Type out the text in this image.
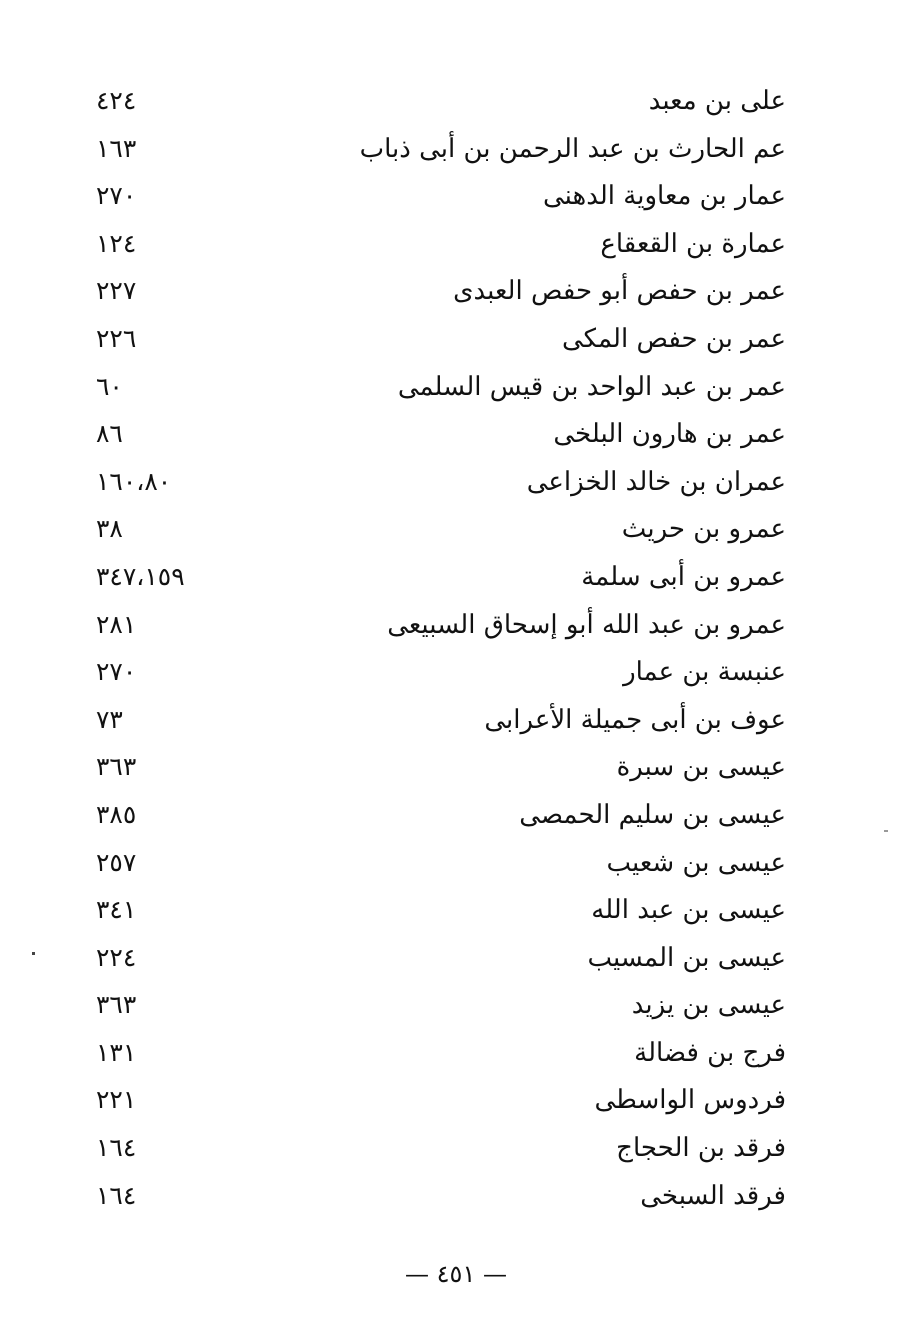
على بن معبد
٤٢٤
عم الحارث بن عبد الرحمن بن أبى ذباب
١٦٣
عمار بن معاوية الدهنى
٢٧٠
عمارة بن القعقاع
١٢٤
عمر بن حفص أبو حفص العبدى
٢٢٧
عمر بن حفص المكى
٢٢٦
عمر بن عبد الواحد بن قيس السلمى
٦٠
عمر بن هارون البلخى
٨٦
عمران بن خالد الخزاعى
١٦٠،٨٠
عمرو بن حريث
٣٨
عمرو بن أبى سلمة
٣٤٧،١٥٩
عمرو بن عبد الله أبو إسحاق السبيعى
٢٨١
عنبسة بن عمار
٢٧٠
عوف بن أبى جميلة الأعرابى
٧٣
عيسى بن سبرة
٣٦٣
عيسى بن سليم الحمصى
٣٨٥
عيسى بن شعيب
٢٥٧
عيسى بن عبد الله
٣٤١
عيسى بن المسيب
٢٢٤
عيسى بن يزيد
٣٦٣
فرج بن فضالة
١٣١
فردوس الواسطى
٢٢١
فرقد بن الحجاج
١٦٤
فرقد السبخى
١٦٤
— ٤٥١ —
